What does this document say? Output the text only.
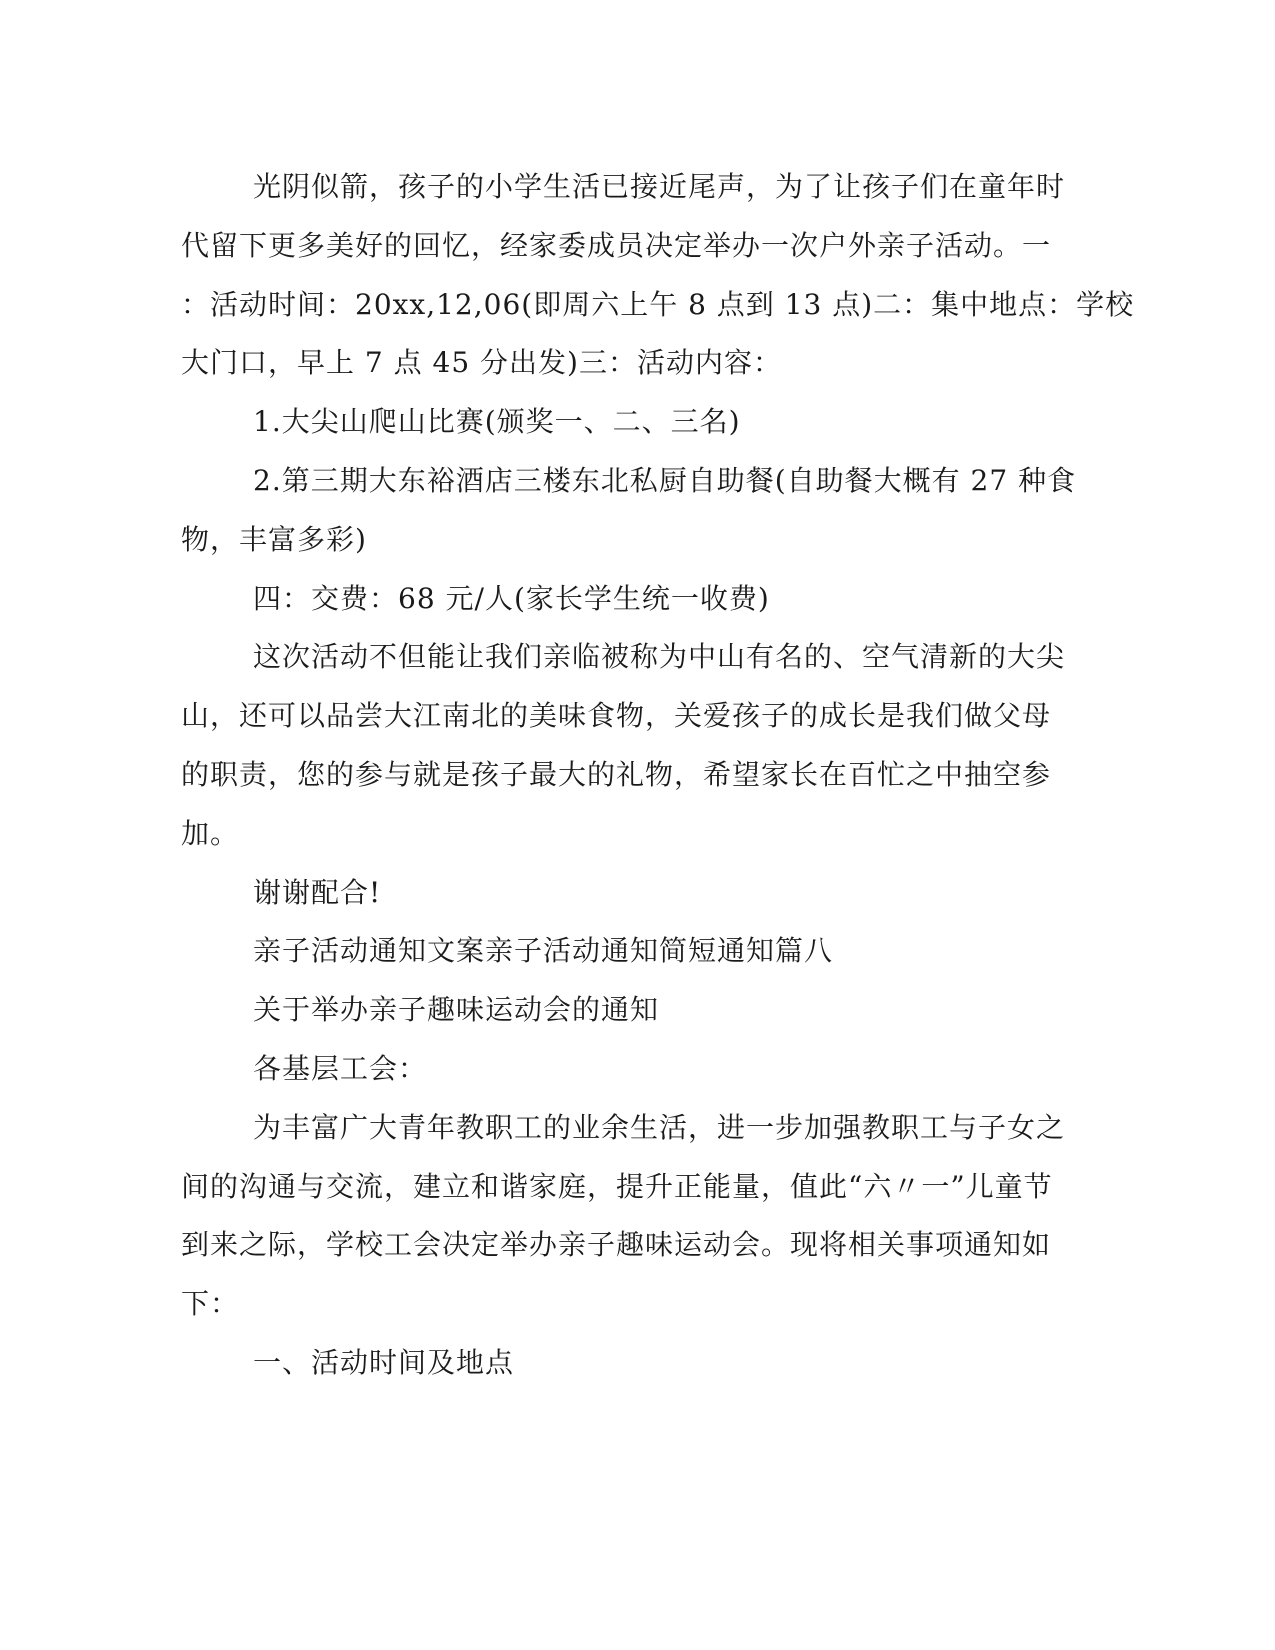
光阴似箭，孩子的小学生活已接近尾声，为了让孩子们在童年时
代留下更多美好的回忆，经家委成员决定举办一次户外亲子活动。一
：活动时间：20xx,12,06(即周六上午 8 点到 13 点)二：集中地点：学校
大门口，早上 7 点 45 分出发)三：活动内容：
1.大尖山爬山比赛(颁奖一、二、三名)
2.第三期大东裕酒店三楼东北私厨自助餐(自助餐大概有 27 种食
物，丰富多彩)
四：交费：68 元/人(家长学生统一收费)
这次活动不但能让我们亲临被称为中山有名的、空气清新的大尖
山，还可以品尝大江南北的美味食物，关爱孩子的成长是我们做父母
的职责，您的参与就是孩子最大的礼物，希望家长在百忙之中抽空参
加。
谢谢配合!
亲子活动通知文案亲子活动通知简短通知篇八
关于举办亲子趣味运动会的通知
各基层工会：
为丰富广大青年教职工的业余生活，进一步加强教职工与子女之
间的沟通与交流，建立和谐家庭，提升正能量，值此“六〃一”儿童节
到来之际，学校工会决定举办亲子趣味运动会。现将相关事项通知如
下：
一、活动时间及地点
